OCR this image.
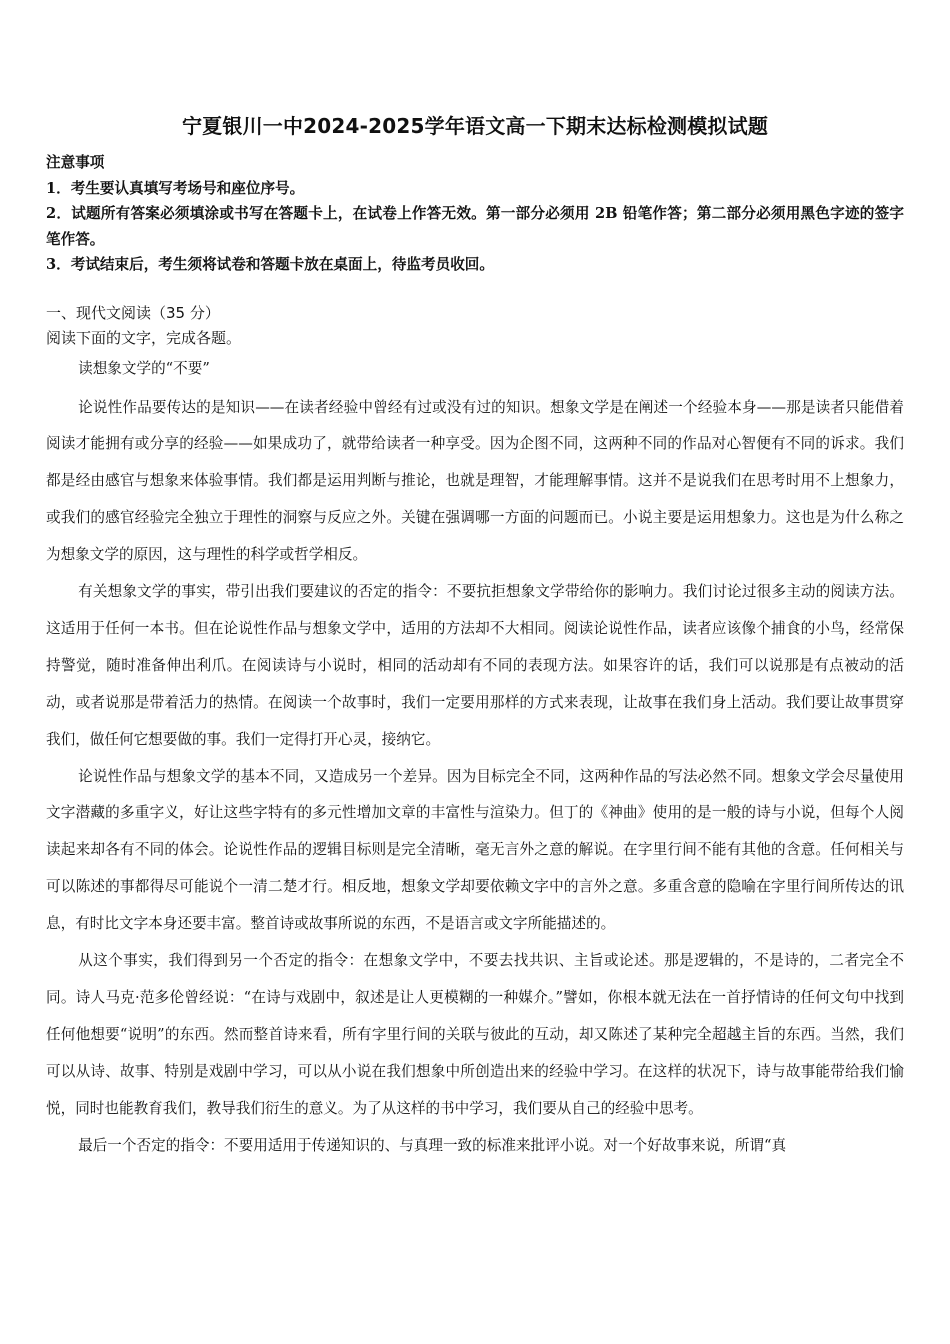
宁夏银川一中2024-2025学年语文高一下期末达标检测模拟试题

注意事项

1．考生要认真填写考场号和座位序号。

2．试题所有答案必须填涂或书写在答题卡上，在试卷上作答无效。第一部分必须用 2B 铅笔作答；第二部分必须用黑色字迹的签字笔作答。

3．考试结束后，考生须将试卷和答题卡放在桌面上，待监考员收回。

一、现代文阅读（35 分）

阅读下面的文字，完成各题。

读想象文学的“不要”

论说性作品要传达的是知识——在读者经验中曾经有过或没有过的知识。想象文学是在阐述一个经验本身——那是读者只能借着阅读才能拥有或分享的经验——如果成功了，就带给读者一种享受。因为企图不同，这两种不同的作品对心智便有不同的诉求。我们都是经由感官与想象来体验事情。我们都是运用判断与推论，也就是理智，才能理解事情。这并不是说我们在思考时用不上想象力，或我们的感官经验完全独立于理性的洞察与反应之外。关键在强调哪一方面的问题而已。小说主要是运用想象力。这也是为什么称之为想象文学的原因，这与理性的科学或哲学相反。

有关想象文学的事实，带引出我们要建议的否定的指令：不要抗拒想象文学带给你的影响力。我们讨论过很多主动的阅读方法。这适用于任何一本书。但在论说性作品与想象文学中，适用的方法却不大相同。阅读论说性作品，读者应该像个捕食的小鸟，经常保持警觉，随时准备伸出利爪。在阅读诗与小说时，相同的活动却有不同的表现方法。如果容许的话，我们可以说那是有点被动的活动，或者说那是带着活力的热情。在阅读一个故事时，我们一定要用那样的方式来表现，让故事在我们身上活动。我们要让故事贯穿我们，做任何它想要做的事。我们一定得打开心灵，接纳它。

论说性作品与想象文学的基本不同，又造成另一个差异。因为目标完全不同，这两种作品的写法必然不同。想象文学会尽量使用文字潜藏的多重字义，好让这些字特有的多元性增加文章的丰富性与渲染力。但丁的《神曲》使用的是一般的诗与小说，但每个人阅读起来却各有不同的体会。论说性作品的逻辑目标则是完全清晰，毫无言外之意的解说。在字里行间不能有其他的含意。任何相关与可以陈述的事都得尽可能说个一清二楚才行。相反地，想象文学却要依赖文字中的言外之意。多重含意的隐喻在字里行间所传达的讯息，有时比文字本身还要丰富。整首诗或故事所说的东西，不是语言或文字所能描述的。

从这个事实，我们得到另一个否定的指令：在想象文学中，不要去找共识、主旨或论述。那是逻辑的，不是诗的，二者完全不同。诗人马克·范多伦曾经说：“在诗与戏剧中，叙述是让人更模糊的一种媒介。”譬如，你根本就无法在一首抒情诗的任何文句中找到任何他想要“说明”的东西。然而整首诗来看，所有字里行间的关联与彼此的互动，却又陈述了某种完全超越主旨的东西。当然，我们可以从诗、故事、特别是戏剧中学习，可以从小说在我们想象中所创造出来的经验中学习。在这样的状况下，诗与故事能带给我们愉悦，同时也能教育我们，教导我们衍生的意义。为了从这样的书中学习，我们要从自己的经验中思考。

最后一个否定的指令：不要用适用于传递知识的、与真理一致的标准来批评小说。对一个好故事来说，所谓“真
